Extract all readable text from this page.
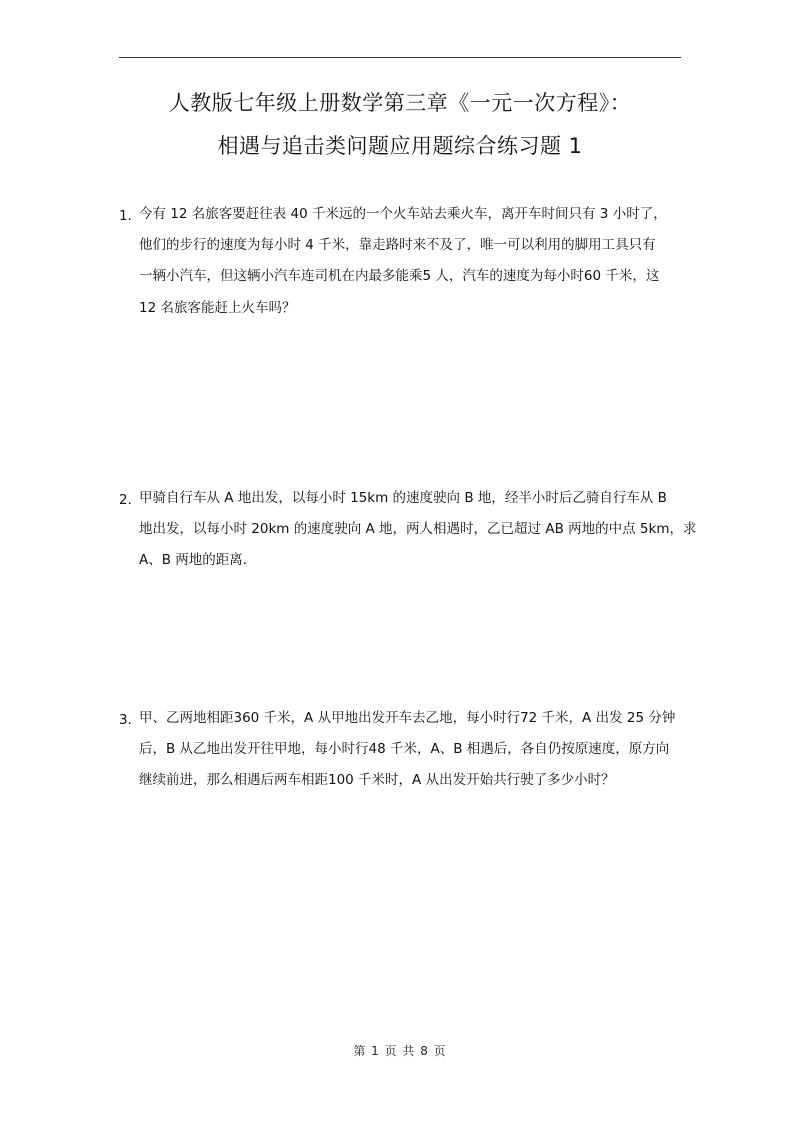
人教版七年级上册数学第三章《一元一次方程》：
相遇与追击类问题应用题综合练习题 1
1．
今有 12 名旅客要赶往表 40 千米远的一个火车站去乘火车，离开车时间只有 3 小时了，
他们的步行的速度为每小时 4 千米，靠走路时来不及了，唯一可以利用的脚用工具只有
一辆小汽车，但这辆小汽车连司机在内最多能乘5 人，汽车的速度为每小时60 千米，这
12 名旅客能赶上火车吗？
2．
甲骑自行车从 A 地出发，以每小时 15km 的速度驶向 B 地，经半小时后乙骑自行车从 B
地出发，以每小时 20km 的速度驶向 A 地，两人相遇时，乙已超过 AB 两地的中点 5km，求
A、B 两地的距离．
3．
甲、乙两地相距360 千米，A 从甲地出发开车去乙地，每小时行72 千米，A 出发 25 分钟
后，B 从乙地出发开往甲地，每小时行48 千米，A、B 相遇后，各自仍按原速度，原方向
继续前进，那么相遇后两车相距100 千米时，A 从出发开始共行驶了多少小时？
第 1 页 共 8 页
